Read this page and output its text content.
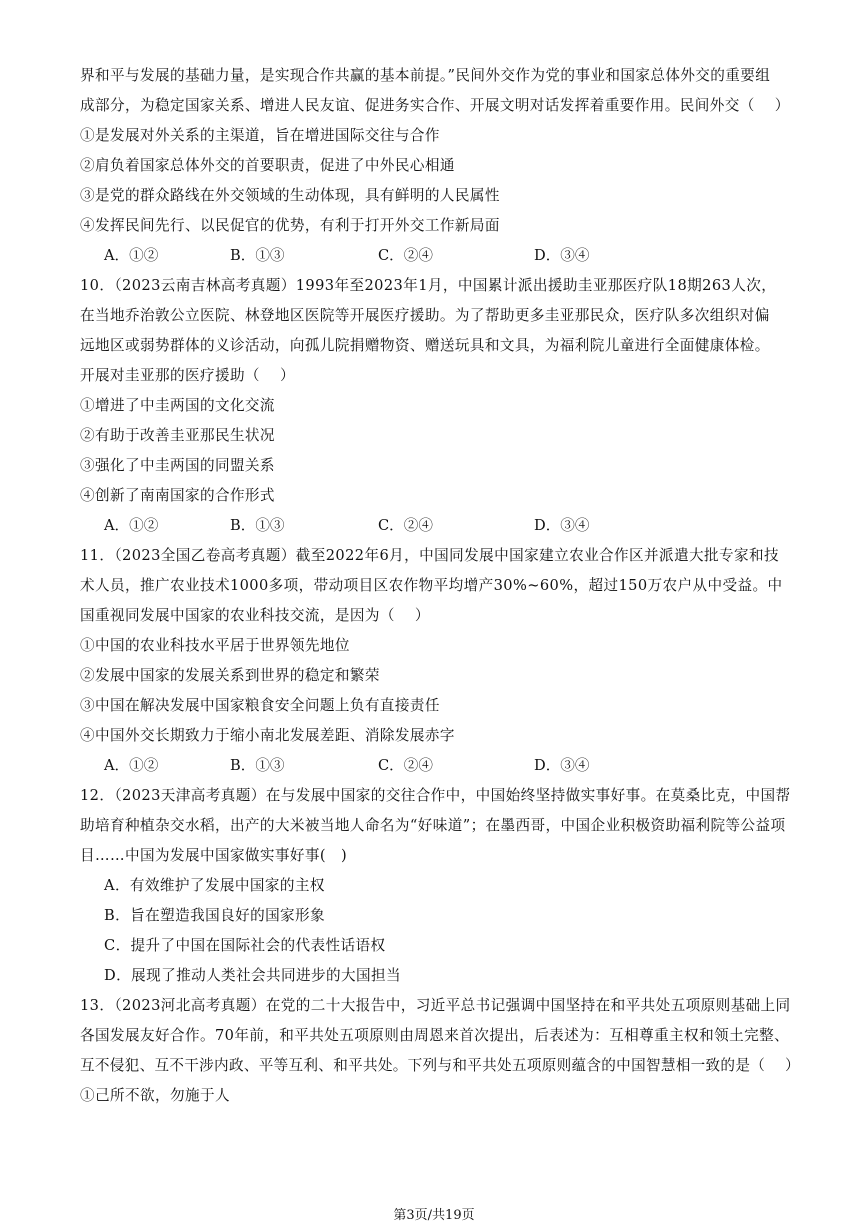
界和平与发展的基础力量，是实现合作共赢的基本前提。”民间外交作为党的事业和国家总体外交的重要组
成部分，为稳定国家关系、增进人民友谊、促进务实合作、开展文明对话发挥着重要作用。民间外交（　 ）
①是发展对外关系的主渠道，旨在增进国际交往与合作
②肩负着国家总体外交的首要职责，促进了中外民心相通
③是党的群众路线在外交领域的生动体现，具有鲜明的人民属性
④发挥民间先行、以民促官的优势，有利于打开外交工作新局面
A．①②	B．①③	C．②④	D．③④
10．（2023云南吉林高考真题）1993年至2023年1月，中国累计派出援助圭亚那医疗队18期263人次，
在当地乔治敦公立医院、林登地区医院等开展医疗援助。为了帮助更多圭亚那民众，医疗队多次组织对偏
远地区或弱势群体的义诊活动，向孤儿院捐赠物资、赠送玩具和文具，为福利院儿童进行全面健康体检。
开展对圭亚那的医疗援助（　 ）
①增进了中圭两国的文化交流
②有助于改善圭亚那民生状况
③强化了中圭两国的同盟关系
④创新了南南国家的合作形式
A．①②	B．①③	C．②④	D．③④
11．（2023全国乙卷高考真题）截至2022年6月，中国同发展中国家建立农业合作区并派遣大批专家和技
术人员，推广农业技术1000多项，带动项目区农作物平均增产30%~60%，超过150万农户从中受益。中
国重视同发展中国家的农业科技交流，是因为（　 ）
①中国的农业科技水平居于世界领先地位
②发展中国家的发展关系到世界的稳定和繁荣
③中国在解决发展中国家粮食安全问题上负有直接责任
④中国外交长期致力于缩小南北发展差距、消除发展赤字
A．①②	B．①③	C．②④	D．③④
12．（2023天津高考真题）在与发展中国家的交往合作中，中国始终坚持做实事好事。在莫桑比克，中国帮
助培育种植杂交水稻，出产的大米被当地人命名为“好味道”；在墨西哥，中国企业积极资助福利院等公益项
目……中国为发展中国家做实事好事(　)
A．有效维护了发展中国家的主权
B．旨在塑造我国良好的国家形象
C．提升了中国在国际社会的代表性话语权
D．展现了推动人类社会共同进步的大国担当
13．（2023河北高考真题）在党的二十大报告中，习近平总书记强调中国坚持在和平共处五项原则基础上同
各国发展友好合作。70年前，和平共处五项原则由周恩来首次提出，后表述为：互相尊重主权和领土完整、
互不侵犯、互不干涉内政、平等互利、和平共处。下列与和平共处五项原则蕴含的中国智慧相一致的是（　 ）
①己所不欲，勿施于人
第3页/共19页
